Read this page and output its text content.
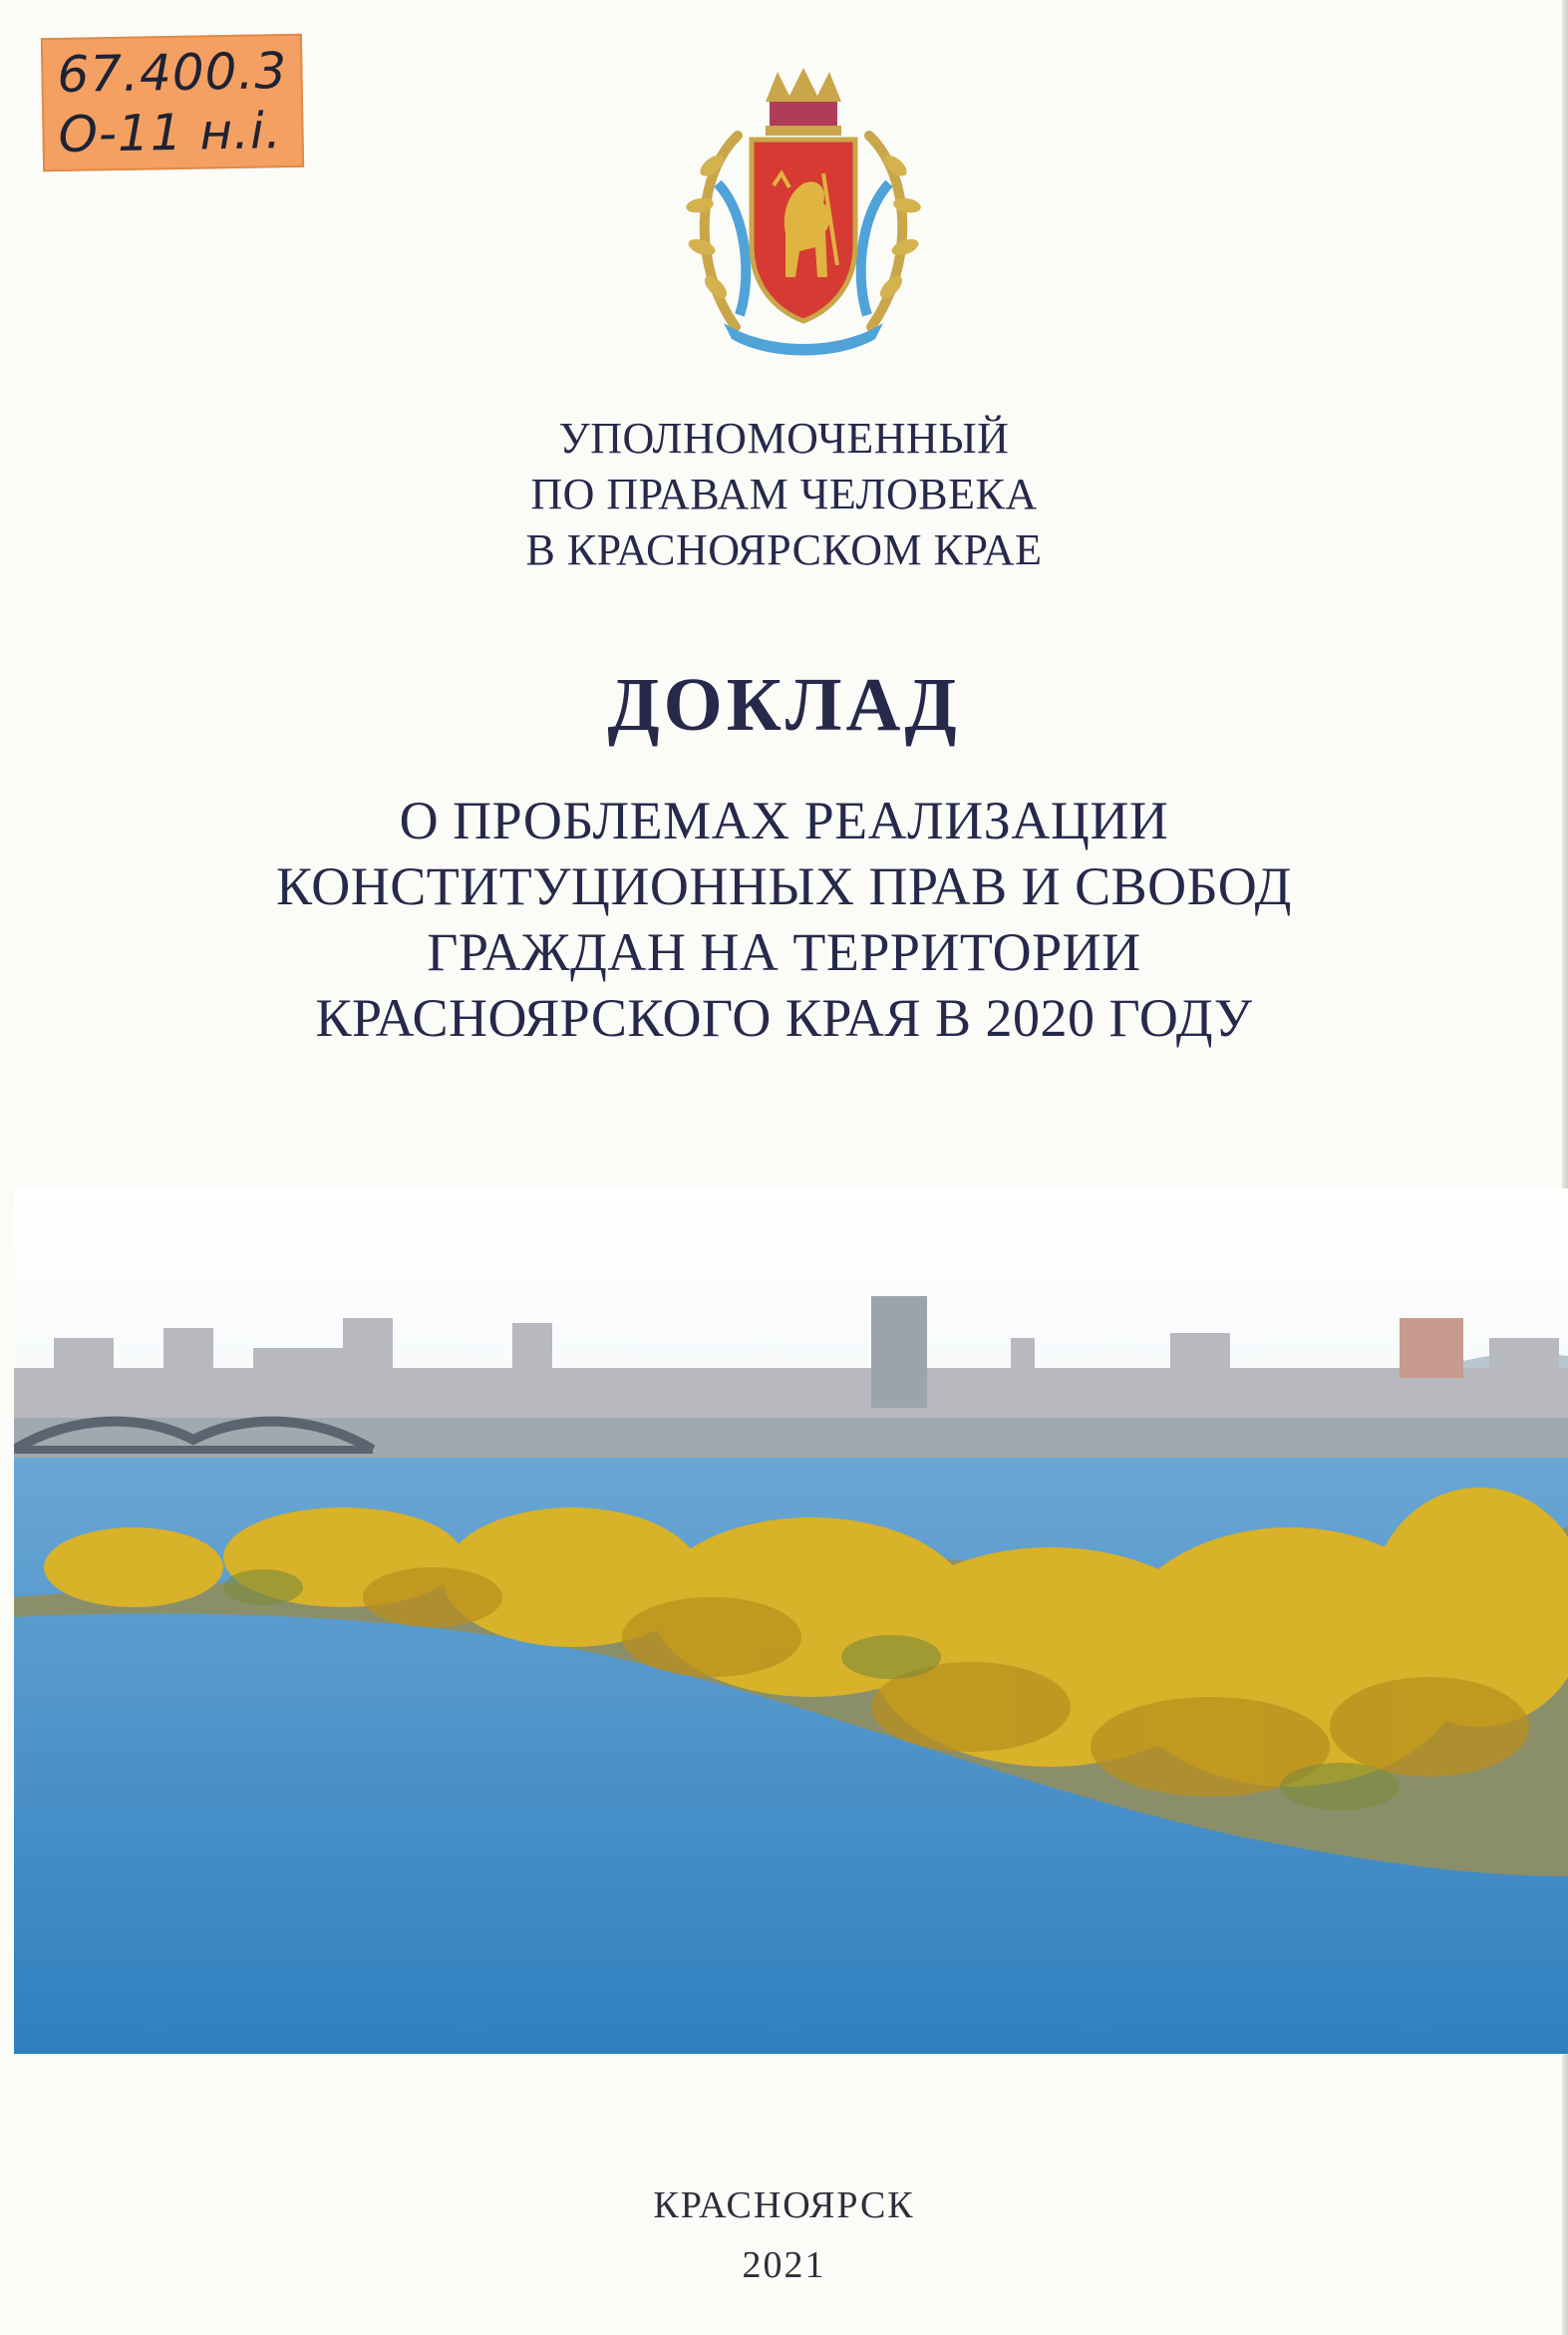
67.400.3
О-11 н.і.
УПОЛНОМОЧЕННЫЙ
ПО ПРАВАМ ЧЕЛОВЕКА
В КРАСНОЯРСКОМ КРАЕ
ДОКЛАД
О ПРОБЛЕМАХ РЕАЛИЗАЦИИ
КОНСТИТУЦИОННЫХ ПРАВ И СВОБОД
ГРАЖДАН НА ТЕРРИТОРИИ
КРАСНОЯРСКОГО КРАЯ В 2020 ГОДУ
КРАСНОЯРСК
2021
